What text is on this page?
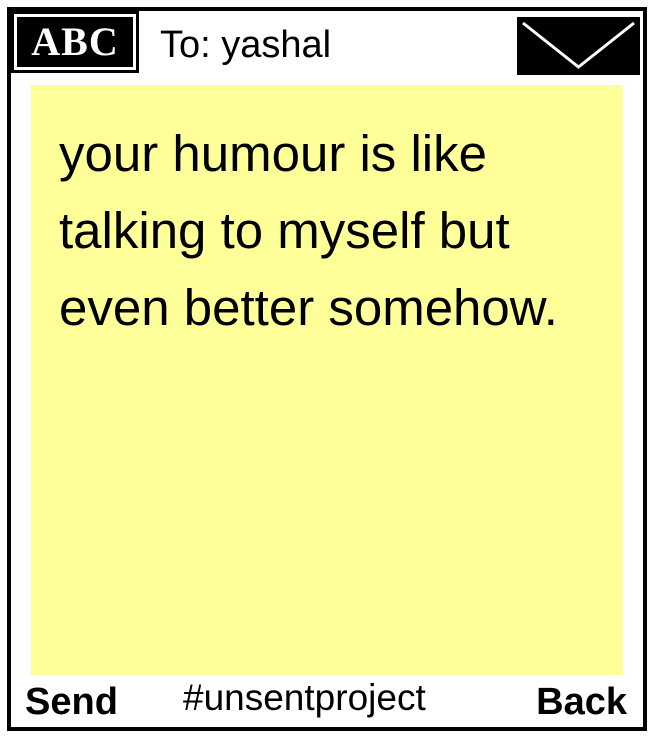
ABC	To: yashal

your humour is like talking to myself but even better somehow.

Send #unsentproject	Back
